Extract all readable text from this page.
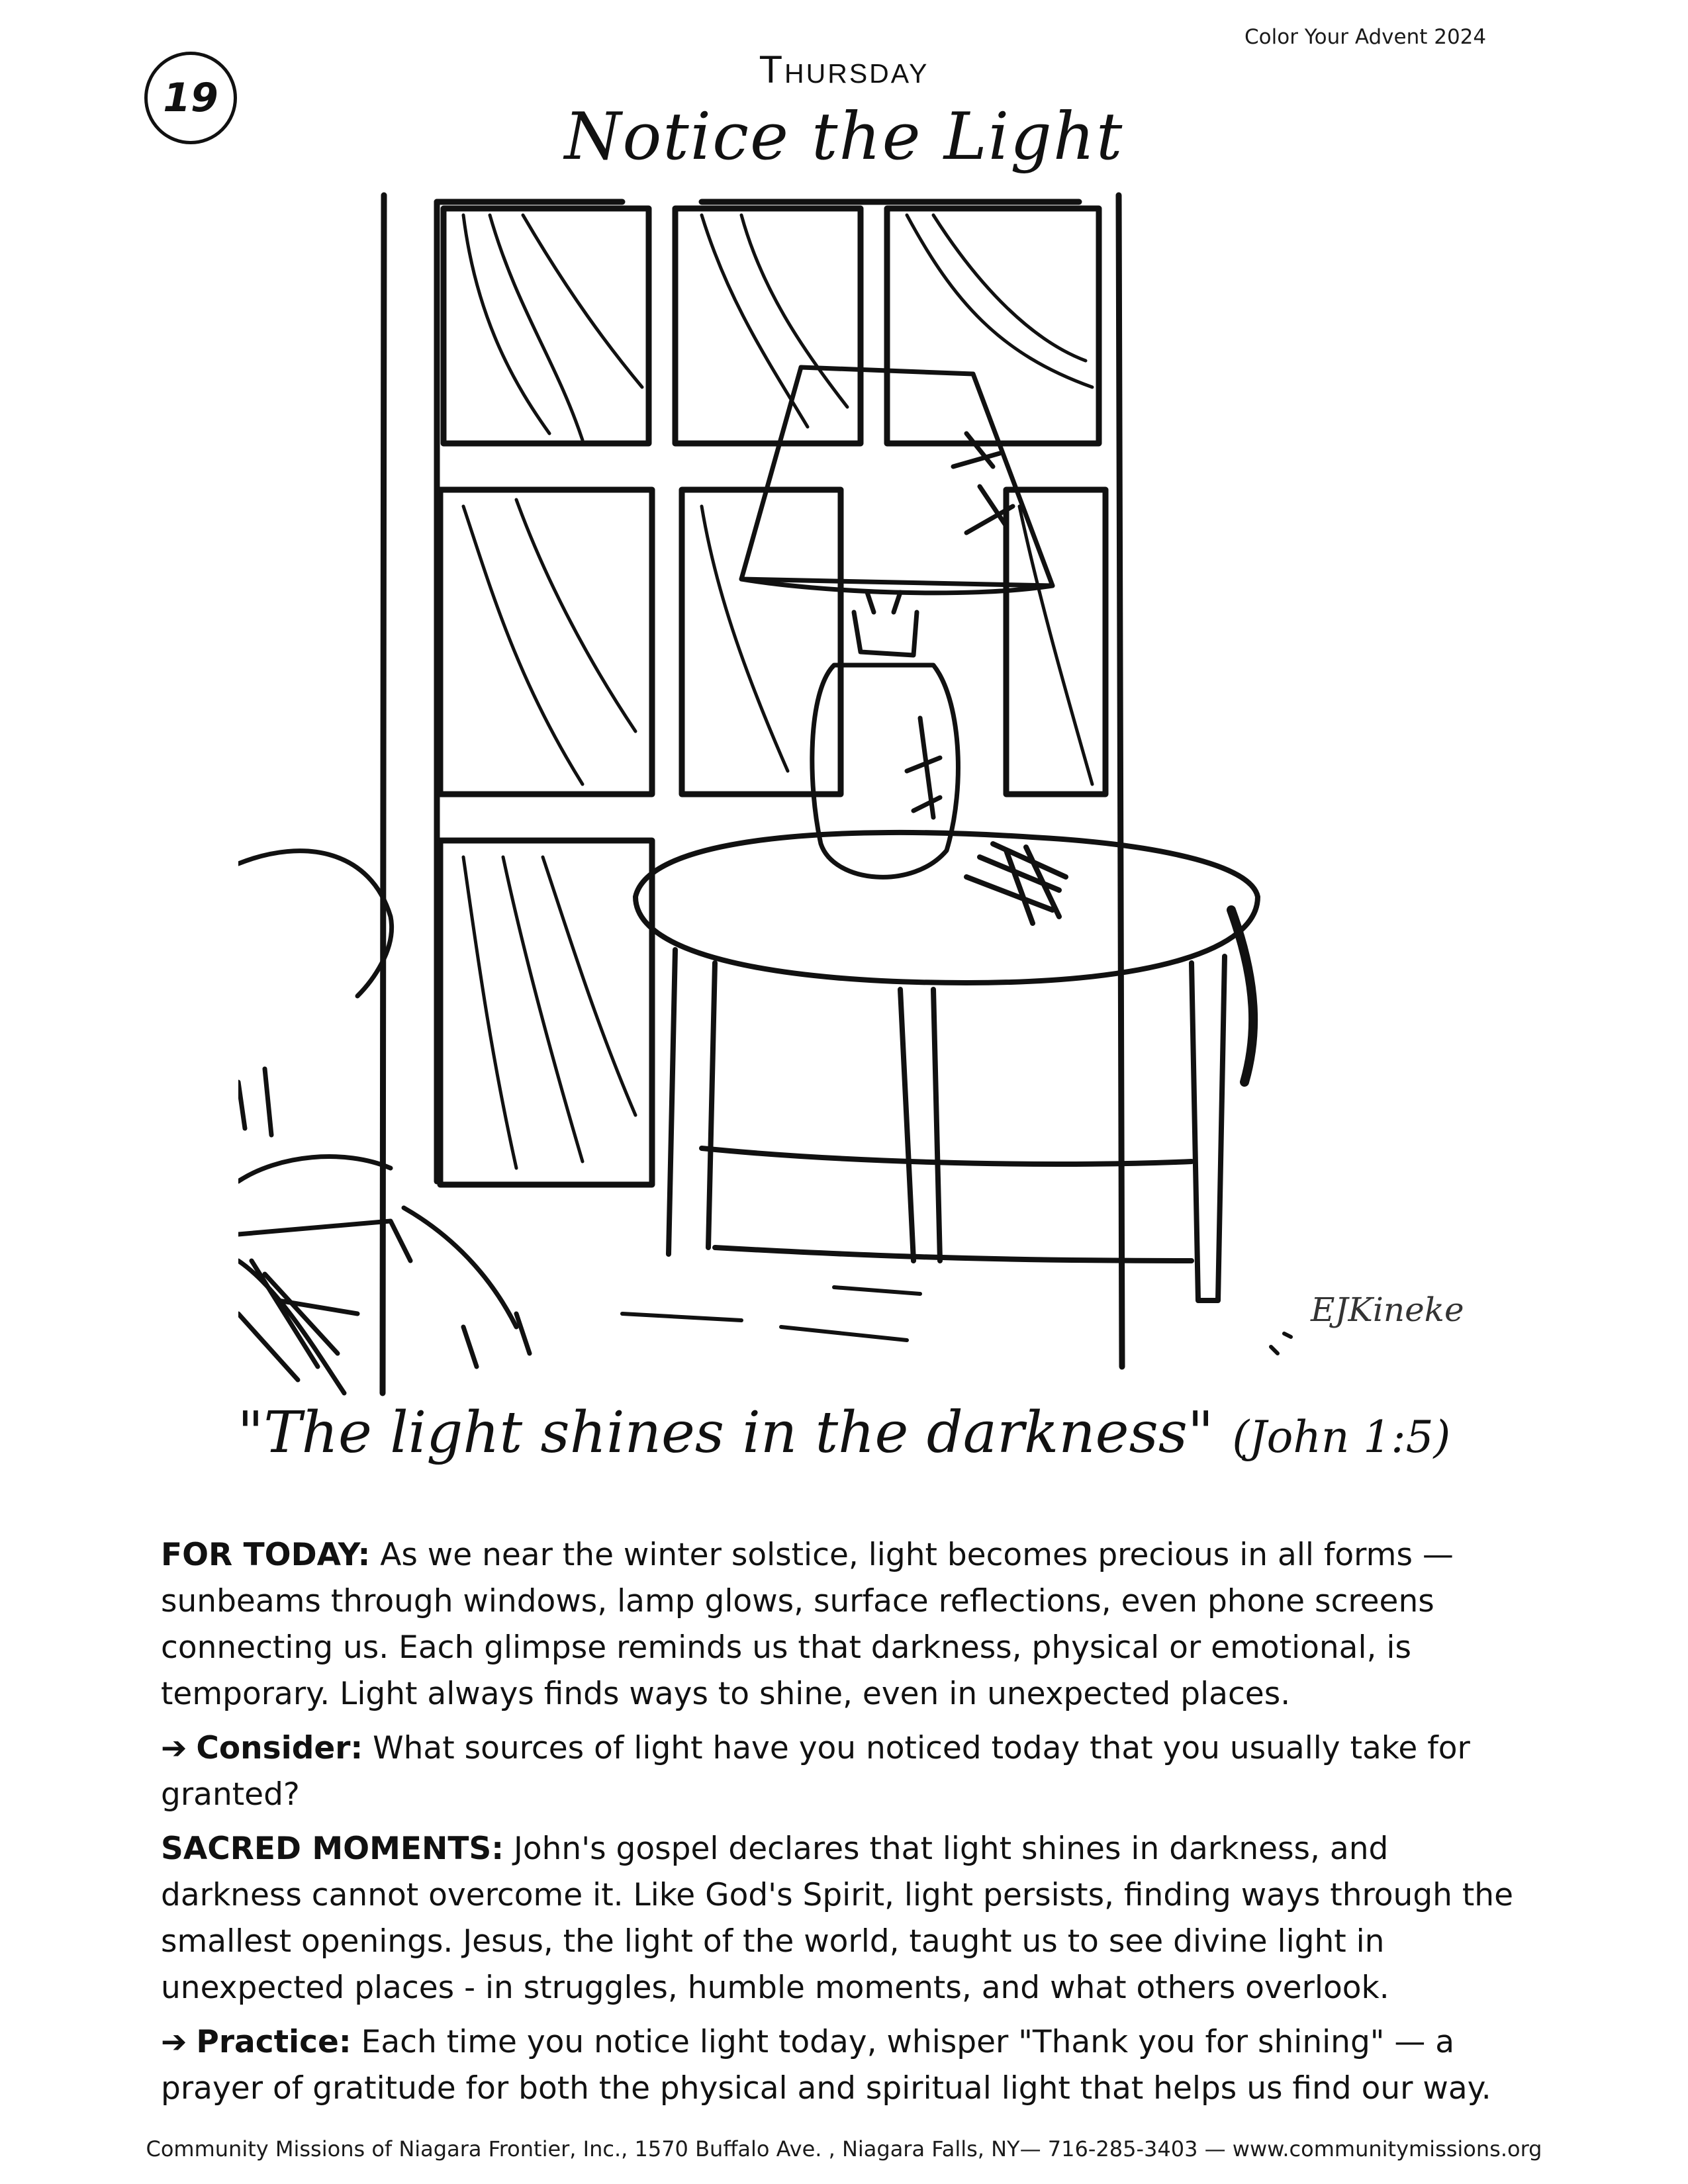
Color Your Advent 2024
19
Thursday
Notice the Light
EJKineke
"The light shines in the darkness" (John 1:5)

FOR TODAY: As we near the winter solstice, light becomes precious in all forms — sunbeams through windows, lamp glows, surface reflections, even phone screens connecting us. Each glimpse reminds us that darkness, physical or emotional, is temporary. Light always finds ways to shine, even in unexpected places.

➔ Consider: What sources of light have you noticed today that you usually take for granted?

SACRED MOMENTS: John's gospel declares that light shines in darkness, and darkness cannot overcome it. Like God's Spirit, light persists, finding ways through the smallest openings. Jesus, the light of the world, taught us to see divine light in unexpected places - in struggles, humble moments, and what others overlook.

➔ Practice: Each time you notice light today, whisper "Thank you for shining" — a prayer of gratitude for both the physical and spiritual light that helps us find our way.

Community Missions of Niagara Frontier, Inc., 1570 Buffalo Ave. , Niagara Falls, NY— 716-285-3403 — www.communitymissions.org
